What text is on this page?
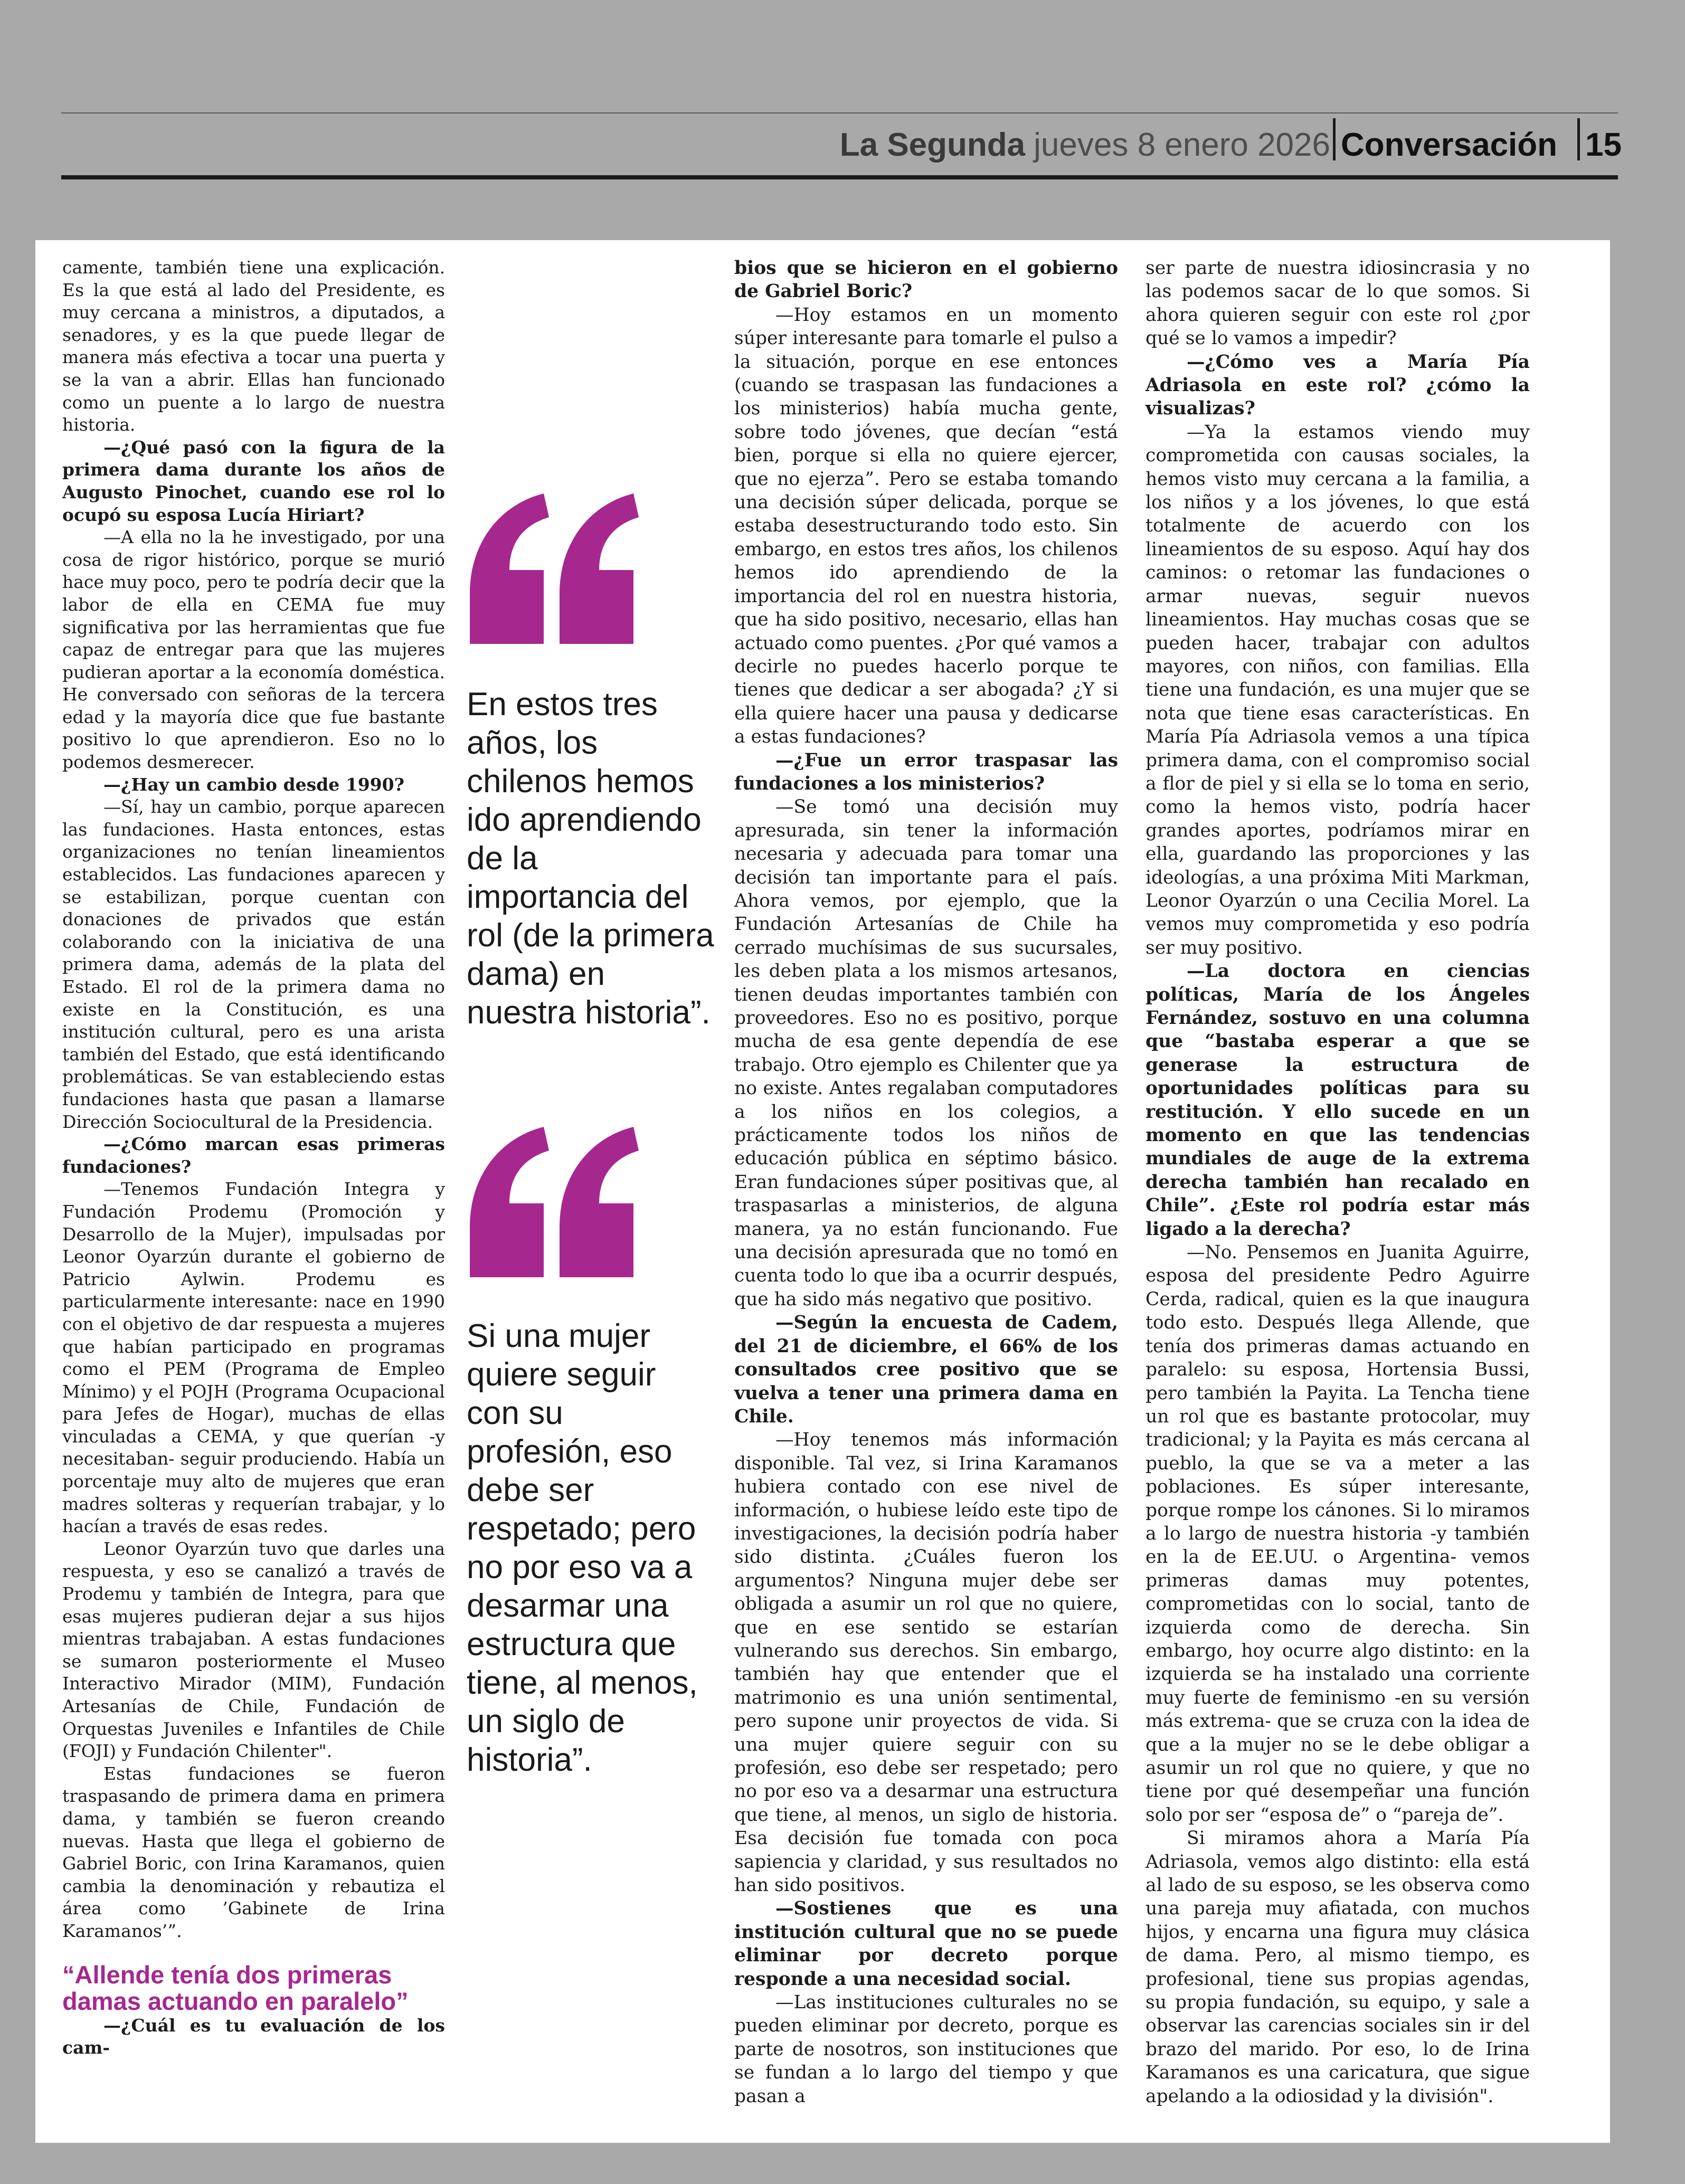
La Segunda jueves 8 enero 2026 Conversación 15

camente, también tiene una explicación. Es la que está al lado del Presidente, es muy cercana a ministros, a diputados, a senadores, y es la que puede llegar de manera más efectiva a tocar una puerta y se la van a abrir. Ellas han funcionado como un puente a lo largo de nuestra historia.

—¿Qué pasó con la figura de la primera dama durante los años de Augusto Pinochet, cuando ese rol lo ocupó su esposa Lucía Hiriart?

—A ella no la he investigado, por una cosa de rigor histórico, porque se murió hace muy poco, pero te podría decir que la labor de ella en CEMA fue muy significativa por las herramientas que fue capaz de entregar para que las mujeres pudieran aportar a la economía doméstica. He conversado con señoras de la tercera edad y la mayoría dice que fue bastante positivo lo que aprendieron. Eso no lo podemos desmerecer.

—¿Hay un cambio desde 1990?

—Sí, hay un cambio, porque aparecen las fundaciones. Hasta entonces, estas organizaciones no tenían lineamientos establecidos. Las fundaciones aparecen y se estabilizan, porque cuentan con donaciones de privados que están colaborando con la iniciativa de una primera dama, además de la plata del Estado. El rol de la primera dama no existe en la Constitución, es una institución cultural, pero es una arista también del Estado, que está identificando problemáticas. Se van estableciendo estas fundaciones hasta que pasan a llamarse Dirección Sociocultural de la Presidencia.

—¿Cómo marcan esas primeras fundaciones?

—Tenemos Fundación Integra y Fundación Prodemu (Promoción y Desarrollo de la Mujer), impulsadas por Leonor Oyarzún durante el gobierno de Patricio Aylwin. Prodemu es particularmente interesante: nace en 1990 con el objetivo de dar respuesta a mujeres que habían participado en programas como el PEM (Programa de Empleo Mínimo) y el POJH (Programa Ocupacional para Jefes de Hogar), muchas de ellas vinculadas a CEMA, y que querían -y necesitaban- seguir produciendo. Había un porcentaje muy alto de mujeres que eran madres solteras y requerían trabajar, y lo hacían a través de esas redes.

Leonor Oyarzún tuvo que darles una respuesta, y eso se canalizó a través de Prodemu y también de Integra, para que esas mujeres pudieran dejar a sus hijos mientras trabajaban. A estas fundaciones se sumaron posteriormente el Museo Interactivo Mirador (MIM), Fundación Artesanías de Chile, Fundación de Orquestas Juveniles e Infantiles de Chile (FOJI) y Fundación Chilenter".

Estas fundaciones se fueron traspasando de primera dama en primera dama, y también se fueron creando nuevas. Hasta que llega el gobierno de Gabriel Boric, con Irina Karamanos, quien cambia la denominación y rebautiza el área como ’Gabinete de Irina Karamanos’”.

“Allende tenía dos primeras damas actuando en paralelo”

—¿Cuál es tu evaluación de los cam-

En estos tres años, los chilenos hemos ido aprendiendo de la importancia del rol (de la primera dama) en nuestra historia”.
Si una mujer quiere seguir con su profesión, eso debe ser respetado; pero no por eso va a desarmar una estructura que tiene, al menos, un siglo de historia”.

bios que se hicieron en el gobierno de Gabriel Boric?

—Hoy estamos en un momento súper interesante para tomarle el pulso a la situación, porque en ese entonces (cuando se traspasan las fundaciones a los ministerios) había mucha gente, sobre todo jóvenes, que decían “está bien, porque si ella no quiere ejercer, que no ejerza”. Pero se estaba tomando una decisión súper delicada, porque se estaba desestructurando todo esto. Sin embargo, en estos tres años, los chilenos hemos ido aprendiendo de la importancia del rol en nuestra historia, que ha sido positivo, necesario, ellas han actuado como puentes. ¿Por qué vamos a decirle no puedes hacerlo porque te tienes que dedicar a ser abogada? ¿Y si ella quiere hacer una pausa y dedicarse a estas fundaciones?

—¿Fue un error traspasar las fundaciones a los ministerios?

—Se tomó una decisión muy apresurada, sin tener la información necesaria y adecuada para tomar una decisión tan importante para el país. Ahora vemos, por ejemplo, que la Fundación Artesanías de Chile ha cerrado muchísimas de sus sucursales, les deben plata a los mismos artesanos, tienen deudas importantes también con proveedores. Eso no es positivo, porque mucha de esa gente dependía de ese trabajo. Otro ejemplo es Chilenter que ya no existe. Antes regalaban computadores a los niños en los colegios, a prácticamente todos los niños de educación pública en séptimo básico. Eran fundaciones súper positivas que, al traspasarlas a ministerios, de alguna manera, ya no están funcionando. Fue una decisión apresurada que no tomó en cuenta todo lo que iba a ocurrir después, que ha sido más negativo que positivo.

—Según la encuesta de Cadem, del 21 de diciembre, el 66% de los consultados cree positivo que se vuelva a tener una primera dama en Chile.

—Hoy tenemos más información disponible. Tal vez, si Irina Karamanos hubiera contado con ese nivel de información, o hubiese leído este tipo de investigaciones, la decisión podría haber sido distinta. ¿Cuáles fueron los argumentos? Ninguna mujer debe ser obligada a asumir un rol que no quiere, que en ese sentido se estarían vulnerando sus derechos. Sin embargo, también hay que entender que el matrimonio es una unión sentimental, pero supone unir proyectos de vida. Si una mujer quiere seguir con su profesión, eso debe ser respetado; pero no por eso va a desarmar una estructura que tiene, al menos, un siglo de historia. Esa decisión fue tomada con poca sapiencia y claridad, y sus resultados no han sido positivos.

—Sostienes que es una institución cultural que no se puede eliminar por decreto porque responde a una necesidad social.

—Las instituciones culturales no se pueden eliminar por decreto, porque es parte de nosotros, son instituciones que se fundan a lo largo del tiempo y que pasan a

ser parte de nuestra idiosincrasia y no las podemos sacar de lo que somos. Si ahora quieren seguir con este rol ¿por qué se lo vamos a impedir?

—¿Cómo ves a María Pía Adriasola en este rol? ¿cómo la visualizas?

—Ya la estamos viendo muy comprometida con causas sociales, la hemos visto muy cercana a la familia, a los niños y a los jóvenes, lo que está totalmente de acuerdo con los lineamientos de su esposo. Aquí hay dos caminos: o retomar las fundaciones o armar nuevas, seguir nuevos lineamientos. Hay muchas cosas que se pueden hacer, trabajar con adultos mayores, con niños, con familias. Ella tiene una fundación, es una mujer que se nota que tiene esas características. En María Pía Adriasola vemos a una típica primera dama, con el compromiso social a flor de piel y si ella se lo toma en serio, como la hemos visto, podría hacer grandes aportes, podríamos mirar en ella, guardando las proporciones y las ideologías, a una próxima Miti Markman, Leonor Oyarzún o una Cecilia Morel. La vemos muy comprometida y eso podría ser muy positivo.

—La doctora en ciencias políticas, María de los Ángeles Fernández, sostuvo en una columna que “bastaba esperar a que se generase la estructura de oportunidades políticas para su restitución. Y ello sucede en un momento en que las tendencias mundiales de auge de la extrema derecha también han recalado en Chile”. ¿Este rol podría estar más ligado a la derecha?

—No. Pensemos en Juanita Aguirre, esposa del presidente Pedro Aguirre Cerda, radical, quien es la que inaugura todo esto. Después llega Allende, que tenía dos primeras damas actuando en paralelo: su esposa, Hortensia Bussi, pero también la Payita. La Tencha tiene un rol que es bastante protocolar, muy tradicional; y la Payita es más cercana al pueblo, la que se va a meter a las poblaciones. Es súper interesante, porque rompe los cánones. Si lo miramos a lo largo de nuestra historia -y también en la de EE.UU. o Argentina- vemos primeras damas muy potentes, comprometidas con lo social, tanto de izquierda como de derecha. Sin embargo, hoy ocurre algo distinto: en la izquierda se ha instalado una corriente muy fuerte de feminismo -en su versión más extrema- que se cruza con la idea de que a la mujer no se le debe obligar a asumir un rol que no quiere, y que no tiene por qué desempeñar una función solo por ser “esposa de” o “pareja de”.

Si miramos ahora a María Pía Adriasola, vemos algo distinto: ella está al lado de su esposo, se les observa como una pareja muy afiatada, con muchos hijos, y encarna una figura muy clásica de dama. Pero, al mismo tiempo, es profesional, tiene sus propias agendas, su propia fundación, su equipo, y sale a observar las carencias sociales sin ir del brazo del marido. Por eso, lo de Irina Karamanos es una caricatura, que sigue apelando a la odiosidad y la división".
